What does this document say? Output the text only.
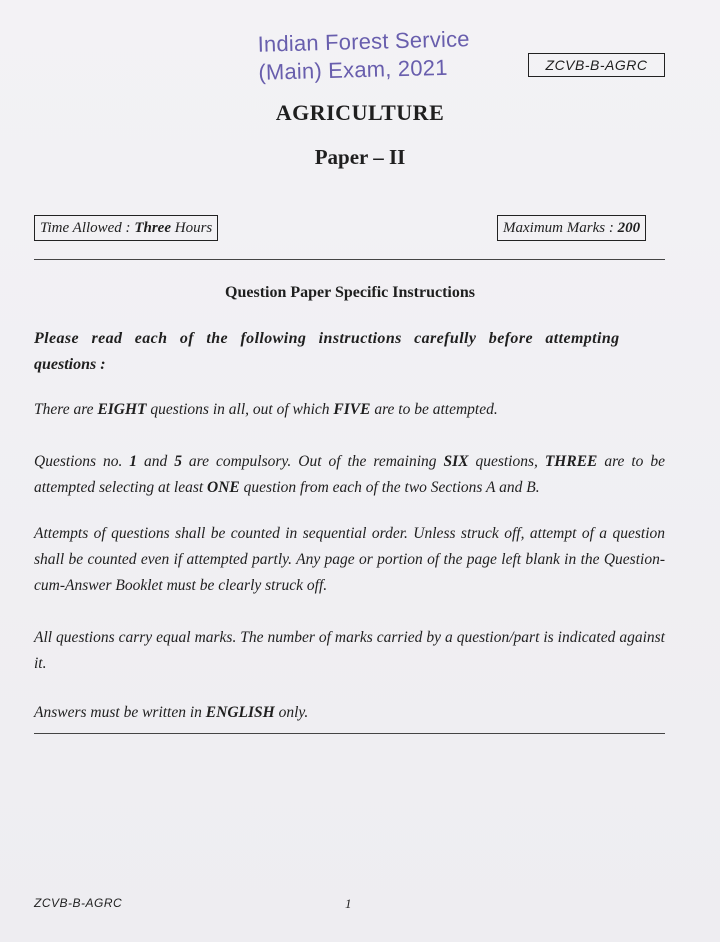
Indian Forest Service
(Main) Exam, 2021	ZCVB-B-AGRC
AGRICULTURE
Paper – II
Time Allowed : Three Hours	Maximum Marks : 200
Question Paper Specific Instructions
Please read each of the following instructions carefully before attempting
questions :
There are EIGHT questions in all, out of which FIVE are to be attempted.
Questions no. 1 and 5 are compulsory. Out of the remaining SIX questions, THREE are to be attempted selecting at least ONE question from each of the two Sections A and B.
Attempts of questions shall be counted in sequential order. Unless struck off, attempt of a question shall be counted even if attempted partly. Any page or portion of the page left blank in the Question-cum-Answer Booklet must be clearly struck off.
All questions carry equal marks. The number of marks carried by a question/part is indicated against it.
Answers must be written in ENGLISH only.
ZCVB-B-AGRC	1
